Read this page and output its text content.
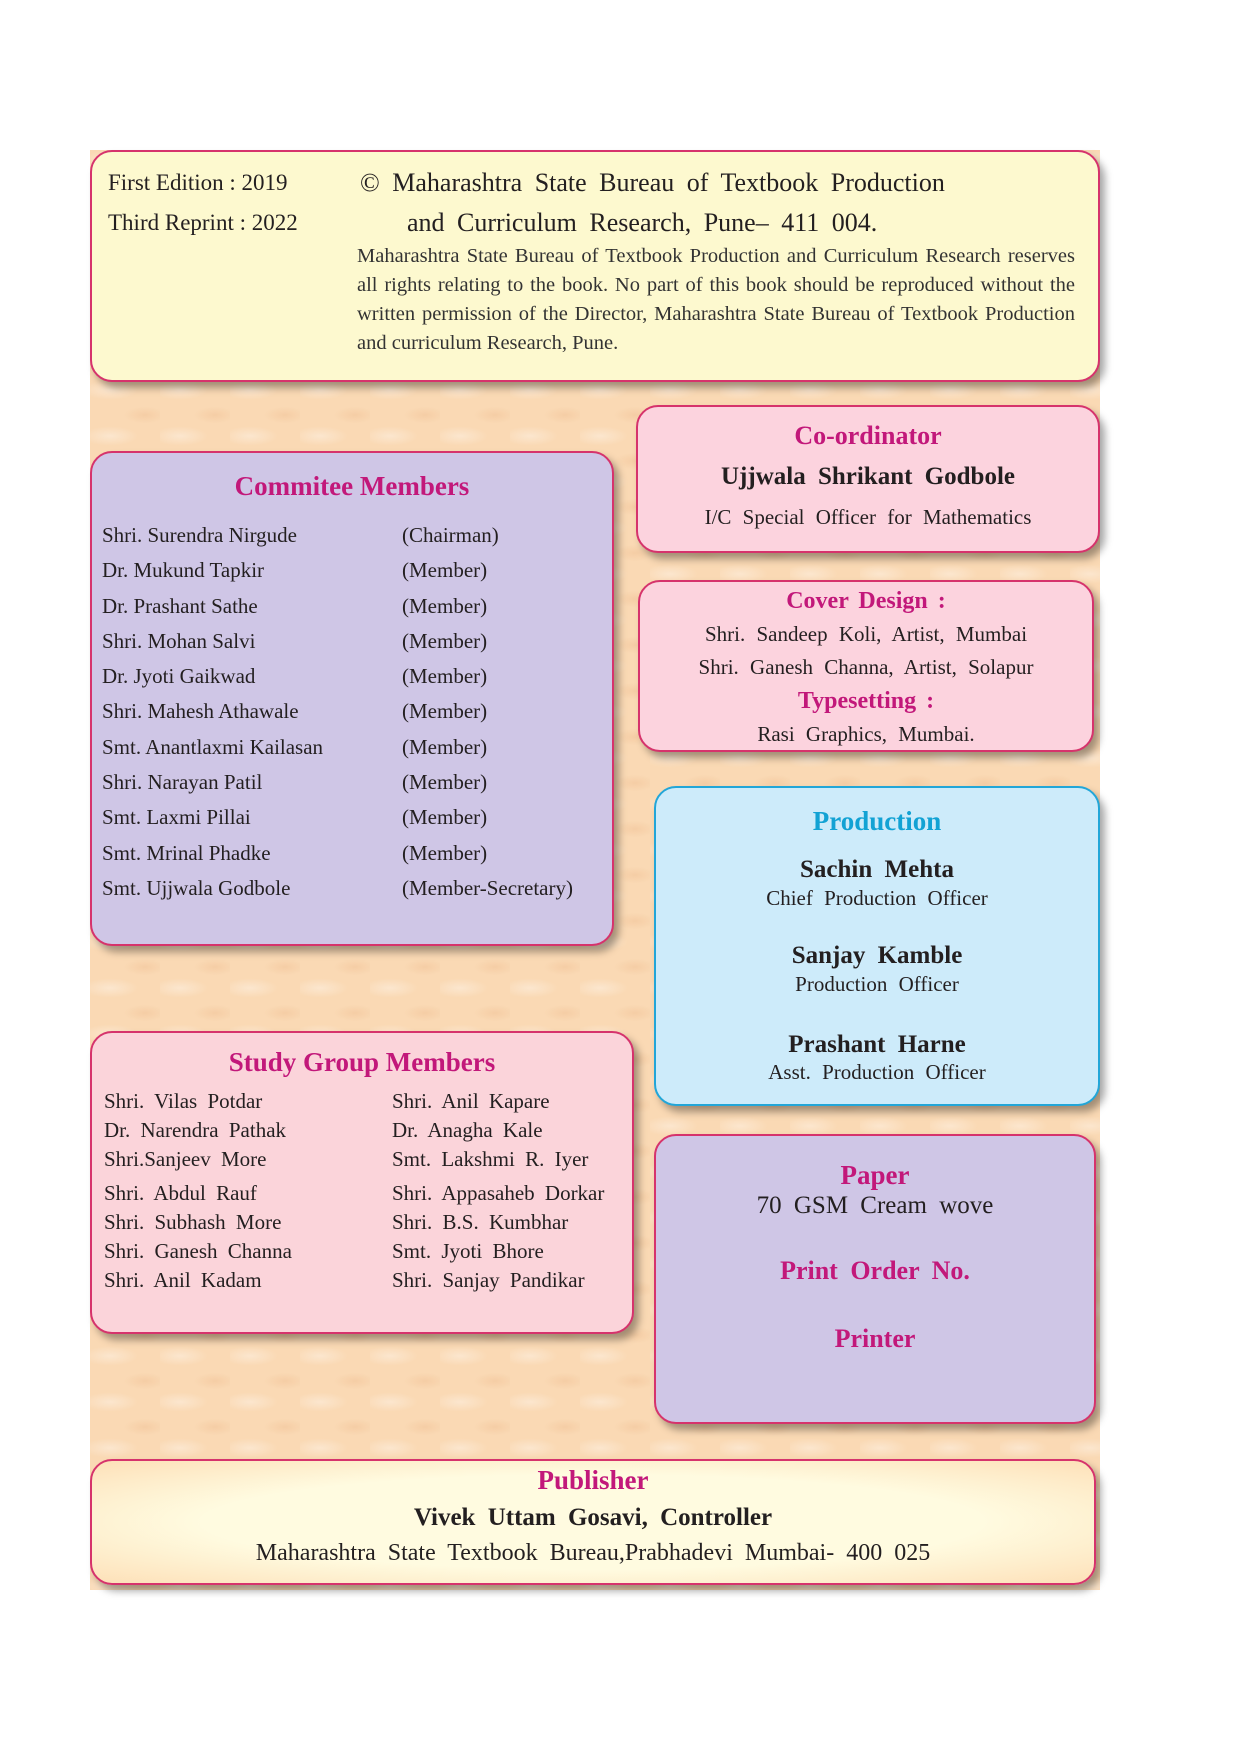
First Edition : 2019
Third Reprint : 2022
© Maharashtra State Bureau of Textbook Production
and Curriculum Research, Pune– 411 004.
Maharashtra State Bureau of Textbook Production and Curriculum Research reserves all rights relating to the book. No part of this book should be reproduced without the written permission of the Director, Maharashtra State Bureau of Textbook Production and curriculum Research, Pune.
Commitee Members
Shri. Surendra Nirgude	(Chairman)
Dr. Mukund Tapkir	(Member)
Dr. Prashant Sathe	(Member)
Shri. Mohan Salvi	(Member)
Dr. Jyoti Gaikwad	(Member)
Shri. Mahesh Athawale	(Member)
Smt. Anantlaxmi Kailasan	(Member)
Shri. Narayan Patil	(Member)
Smt. Laxmi Pillai	(Member)
Smt. Mrinal Phadke	(Member)
Smt. Ujjwala Godbole	(Member-Secretary)
Co-ordinator
Ujjwala Shrikant Godbole
I/C Special Officer for Mathematics
Cover Design :
Shri. Sandeep Koli, Artist, Mumbai
Shri. Ganesh Channa, Artist, Solapur
Typesetting :
Rasi Graphics, Mumbai.
Production
Sachin Mehta
Chief Production Officer
Sanjay Kamble
Production Officer
Prashant Harne
Asst. Production Officer
Study Group Members
Shri. Vilas Potdar
Dr. Narendra Pathak
Shri.Sanjeev More
Shri. Abdul Rauf
Shri. Subhash More
Shri. Ganesh Channa
Shri. Anil Kadam
Shri. Anil Kapare
Dr. Anagha Kale
Smt. Lakshmi R. Iyer
Shri. Appasaheb Dorkar
Shri. B.S. Kumbhar
Smt. Jyoti Bhore
Shri. Sanjay Pandikar
Paper
70 GSM Cream wove
Print Order No.
Printer
Publisher
Vivek Uttam Gosavi, Controller
Maharashtra State Textbook Bureau,Prabhadevi Mumbai- 400 025
